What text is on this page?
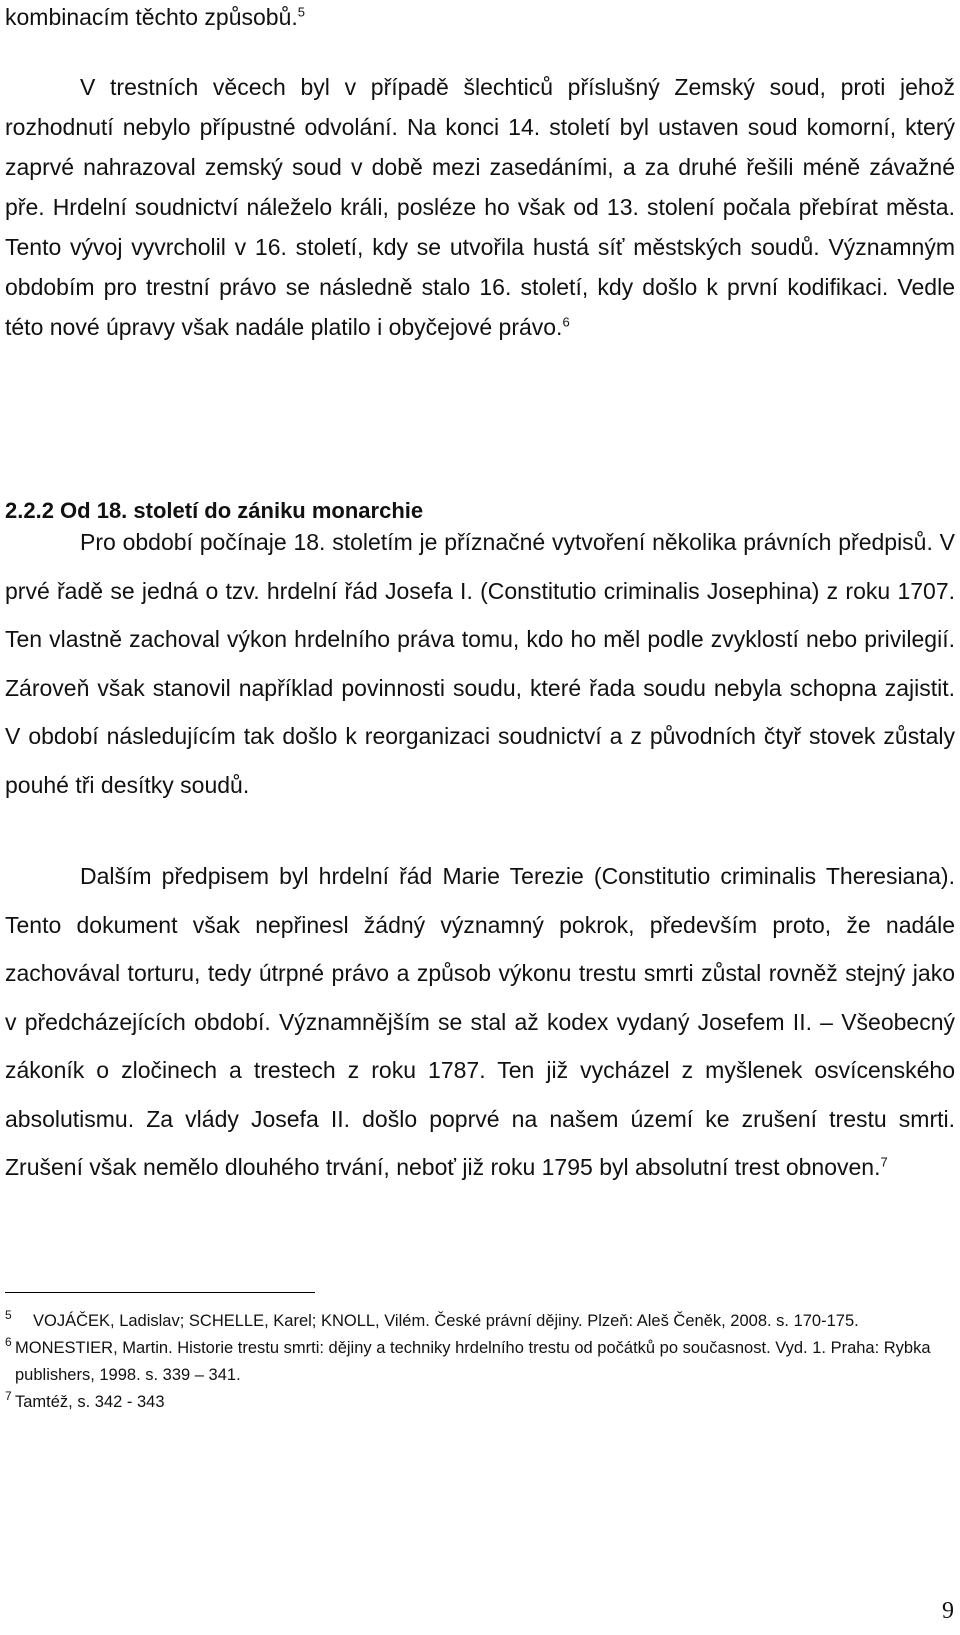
kombinacím těchto způsobů.$^5$
V trestních věcech byl v případě šlechticů příslušný Zemský soud, proti jehož rozhodnutí nebylo přípustné odvolání. Na konci 14. století byl ustaven soud komorní, který zaprvé nahrazoval zemský soud v době mezi zasedáními, a za druhé řešili méně závažné pře. Hrdelní soudnictví náleželo králi, posléze ho však od 13. stolení počala přebírat města. Tento vývoj vyvrcholil v 16. století, kdy se utvořila hustá síť městských soudů. Významným obdobím pro trestní právo se následně stalo 16. století, kdy došlo k první kodifikaci. Vedle této nové úpravy však nadále platilo i obyčejové právo.$^6$
2.2.2 Od 18. století do zániku monarchie
Pro období počínaje 18. stoletím je příznačné vytvoření několika právních předpisů. V prvé řadě se jedná o tzv. hrdelní řád Josefa I. (Constitutio criminalis Josephina) z roku 1707. Ten vlastně zachoval výkon hrdelního práva tomu, kdo ho měl podle zvyklostí nebo privilegií. Zároveň však stanovil například povinnosti soudu, které řada soudu nebyla schopna zajistit. V období následujícím tak došlo k reorganizaci soudnictví a z původních čtyř stovek zůstaly pouhé tři desítky soudů.
Dalším předpisem byl hrdelní řád Marie Terezie (Constitutio criminalis Theresiana). Tento dokument však nepřinesl žádný významný pokrok, především proto, že nadále zachovával torturu, tedy útrpné právo a způsob výkonu trestu smrti zůstal rovněž stejný jako v předcházejících období. Významnějším se stal až kodex vydaný Josefem II. – Všeobecný zákoník o zločinech a trestech z roku 1787. Ten již vycházel z myšlenek osvícenského absolutismu. Za vlády Josefa II. došlo poprvé na našem území ke zrušení trestu smrti. Zrušení však nemělo dlouhého trvání, neboť již roku 1795 byl absolutní trest obnoven.$^7$
5 VOJÁČEK, Ladislav; SCHELLE, Karel; KNOLL, Vilém. České právní dějiny. Plzeň: Aleš Čeněk, 2008. s. 170-175.
6 MONESTIER, Martin. Historie trestu smrti: dějiny a techniky hrdelního trestu od počátků po současnost. Vyd. 1. Praha: Rybka publishers, 1998. s. 339 – 341.
7 Tamtéž, s. 342 - 343
9
